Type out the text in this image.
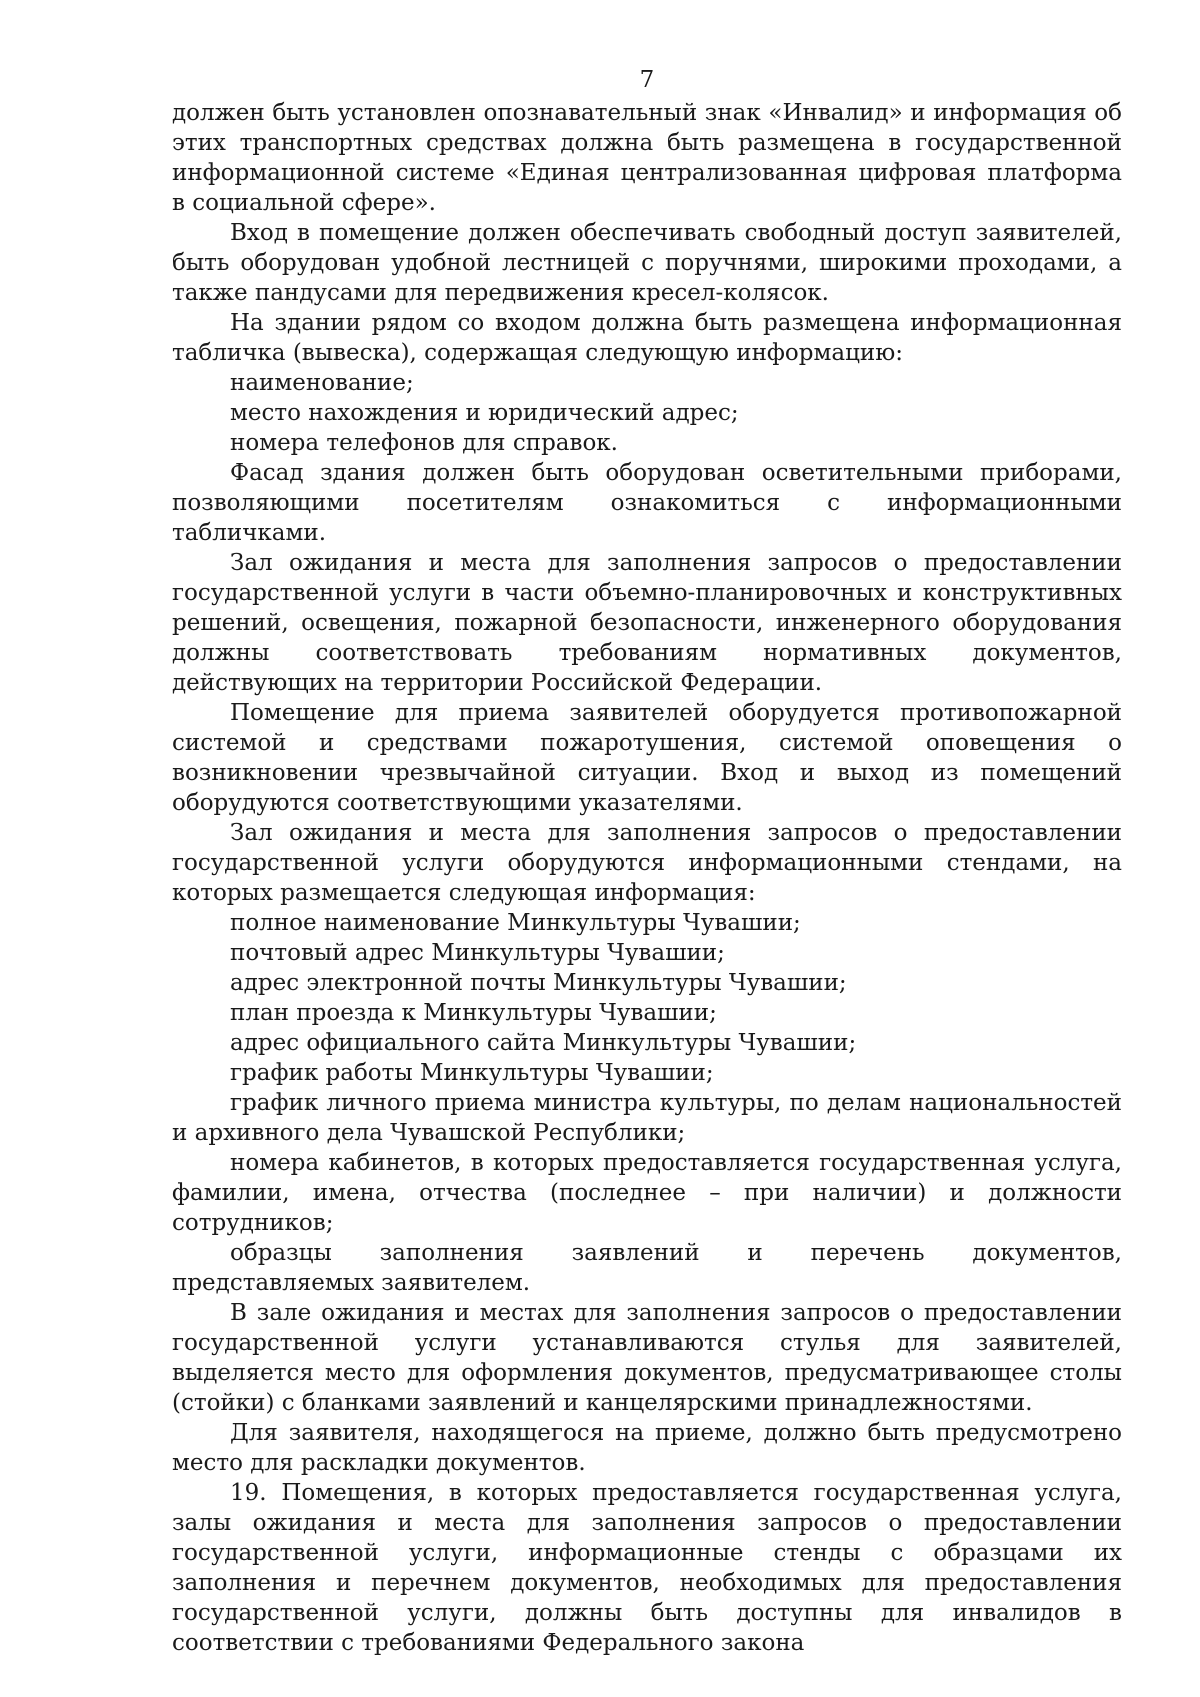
7

должен быть установлен опознавательный знак «Инвалид» и информация об этих транспортных средствах должна быть размещена в государственной информационной системе «Единая централизованная цифровая платформа в социальной сфере».

Вход в помещение должен обеспечивать свободный доступ заявителей, быть оборудован удобной лестницей с поручнями, широкими проходами, а также пандусами для передвижения кресел-колясок.

На здании рядом со входом должна быть размещена информационная табличка (вывеска), содержащая следующую информацию:

наименование;

место нахождения и юридический адрес;

номера телефонов для справок.

Фасад здания должен быть оборудован осветительными приборами, позволяющими посетителям ознакомиться с информационными табличками.

Зал ожидания и места для заполнения запросов о предоставлении государственной услуги в части объемно-планировочных и конструктивных решений, освещения, пожарной безопасности, инженерного оборудования должны соответствовать требованиям нормативных документов, действующих на территории Российской Федерации.

Помещение для приема заявителей оборудуется противопожарной системой и средствами пожаротушения, системой оповещения о возникновении чрезвычайной ситуации. Вход и выход из помещений оборудуются соответствующими указателями.

Зал ожидания и места для заполнения запросов о предоставлении государственной услуги оборудуются информационными стендами, на которых размещается следующая информация:

полное наименование Минкультуры Чувашии;

почтовый адрес Минкультуры Чувашии;

адрес электронной почты Минкультуры Чувашии;

план проезда к Минкультуры Чувашии;

адрес официального сайта Минкультуры Чувашии;

график работы Минкультуры Чувашии;

график личного приема министра культуры, по делам национальностей и архивного дела Чувашской Республики;

номера кабинетов, в которых предоставляется государственная услуга, фамилии, имена, отчества (последнее – при наличии) и должности сотрудников;

образцы заполнения заявлений и перечень документов, представляемых заявителем.

В зале ожидания и местах для заполнения запросов о предоставлении государственной услуги устанавливаются стулья для заявителей, выделяется место для оформления документов, предусматривающее столы (стойки) с бланками заявлений и канцелярскими принадлежностями.

Для заявителя, находящегося на приеме, должно быть предусмотрено место для раскладки документов.

19. Помещения, в которых предоставляется государственная услуга, залы ожидания и места для заполнения запросов о предоставлении государственной услуги, информационные стенды с образцами их заполнения и перечнем документов, необходимых для предоставления государственной услуги, должны быть доступны для инвалидов в соответствии с требованиями Федерального закона
